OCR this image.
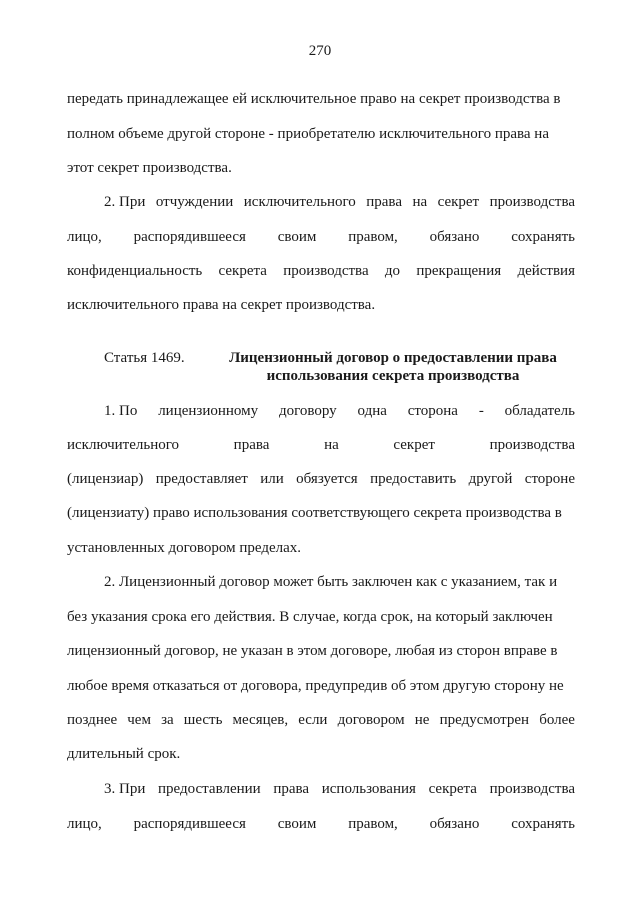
270
передать принадлежащее ей исключительное право на секрет производства в
полном объеме другой стороне - приобретателю исключительного права на
этот секрет производства.
2. При отчуждении исключительного права на секрет производства
лицо, распорядившееся своим правом, обязано сохранять
конфиденциальность секрета производства до прекращения действия
исключительного права на секрет производства.
Статья 1469.	Лицензионный договор о предоставлении права
использования секрета производства
1. По лицензионному договору одна сторона - обладатель
исключительного	права	на	секрет	производства
(лицензиар) предоставляет или обязуется предоставить другой стороне
(лицензиату) право использования соответствующего секрета производства в
установленных договором пределах.
2. Лицензионный договор может быть заключен как с указанием, так и
без указания срока его действия. В случае, когда срок, на который заключен
лицензионный договор, не указан в этом договоре, любая из сторон вправе в
любое время отказаться от договора, предупредив об этом другую сторону не
позднее чем за шесть месяцев, если договором не предусмотрен более
длительный срок.
3. При предоставлении права использования секрета производства
лицо, распорядившееся своим правом, обязано сохранять
